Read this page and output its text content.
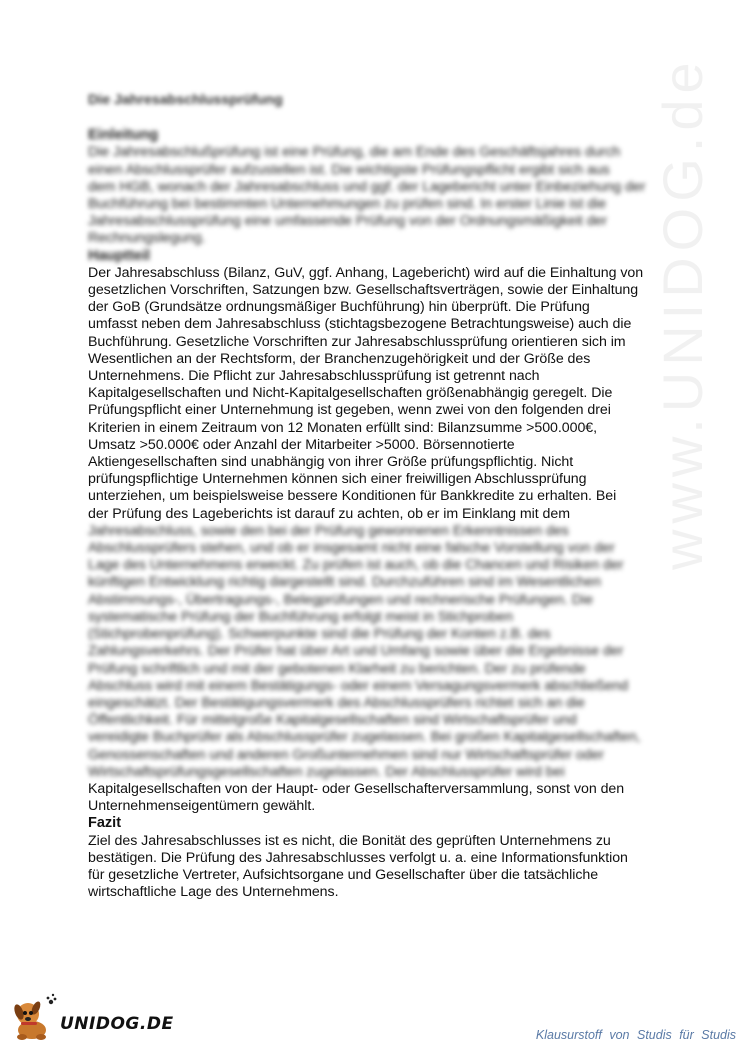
Die Jahresabschlussprüfung
Einleitung
Die Jahresabschlußprüfung ist eine Prüfung, die am Ende des Geschäftsjahres durch
einen Abschlussprüfer aufzustellen ist. Die wichtigste Prüfungspflicht ergibt sich aus
dem HGB, wonach der Jahresabschluss und ggf. der Lagebericht unter Einbeziehung der
Buchführung bei bestimmten Unternehmungen zu prüfen sind. In erster Linie ist die
Jahresabschlussprüfung eine umfassende Prüfung von der Ordnungsmäßigkeit der
Rechnungslegung.
Hauptteil
Der Jahresabschluss (Bilanz, GuV, ggf. Anhang, Lagebericht) wird auf die Einhaltung von
gesetzlichen Vorschriften, Satzungen bzw. Gesellschaftsverträgen, sowie der Einhaltung
der GoB (Grundsätze ordnungsmäßiger Buchführung) hin überprüft. Die Prüfung
umfasst neben dem Jahresabschluss (stichtagsbezogene Betrachtungsweise) auch die
Buchführung. Gesetzliche Vorschriften zur Jahresabschlussprüfung orientieren sich im
Wesentlichen an der Rechtsform, der Branchenzugehörigkeit und der Größe des
Unternehmens. Die Pflicht zur Jahresabschlussprüfung ist getrennt nach
Kapitalgesellschaften und Nicht-Kapitalgesellschaften größenabhängig geregelt. Die
Prüfungspflicht einer Unternehmung ist gegeben, wenn zwei von den folgenden drei
Kriterien in einem Zeitraum von 12 Monaten erfüllt sind: Bilanzsumme >500.000€,
Umsatz >50.000€ oder Anzahl der Mitarbeiter >5000. Börsennotierte
Aktiengesellschaften sind unabhängig von ihrer Größe prüfungspflichtig. Nicht
prüfungspflichtige Unternehmen können sich einer freiwilligen Abschlussprüfung
unterziehen, um beispielsweise bessere Konditionen für Bankkredite zu erhalten. Bei
der Prüfung des Lageberichts ist darauf zu achten, ob er im Einklang mit dem
Jahresabschluss, sowie den bei der Prüfung gewonnenen Erkenntnissen des
Abschlussprüfers stehen, und ob er insgesamt nicht eine falsche Vorstellung von der
Lage des Unternehmens erweckt. Zu prüfen ist auch, ob die Chancen und Risiken der
künftigen Entwicklung richtig dargestellt sind. Durchzuführen sind im Wesentlichen
Abstimmungs-, Übertragungs-, Belegprüfungen und rechnerische Prüfungen. Die
systematische Prüfung der Buchführung erfolgt meist in Stichproben
(Stichprobenprüfung). Schwerpunkte sind die Prüfung der Konten z.B. des
Zahlungsverkehrs. Der Prüfer hat über Art und Umfang sowie über die Ergebnisse der
Prüfung schriftlich und mit der gebotenen Klarheit zu berichten. Der zu prüfende
Abschluss wird mit einem Bestätigungs- oder einem Versagungsvermerk abschließend
eingeschätzt. Der Bestätigungsvermerk des Abschlussprüfers richtet sich an die
Öffentlichkeit. Für mittelgroße Kapitalgesellschaften sind Wirtschaftsprüfer und
vereidigte Buchprüfer als Abschlussprüfer zugelassen. Bei großen Kapitalgesellschaften,
Genossenschaften und anderen Großunternehmen sind nur Wirtschaftsprüfer oder
Wirtschaftsprüfungsgesellschaften zugelassen. Der Abschlussprüfer wird bei
Kapitalgesellschaften von der Haupt- oder Gesellschafterversammlung, sonst von den
Unternehmenseigentümern gewählt.
Fazit
Ziel des Jahresabschlusses ist es nicht, die Bonität des geprüften Unternehmens zu
bestätigen. Die Prüfung des Jahresabschlusses verfolgt u. a. eine Informationsfunktion
für gesetzliche Vertreter, Aufsichtsorgane und Gesellschafter über die tatsächliche
wirtschaftliche Lage des Unternehmens.
www.UNIDOG.de
UNIDOG.DE
Klausurstoff von Studis für Studis
